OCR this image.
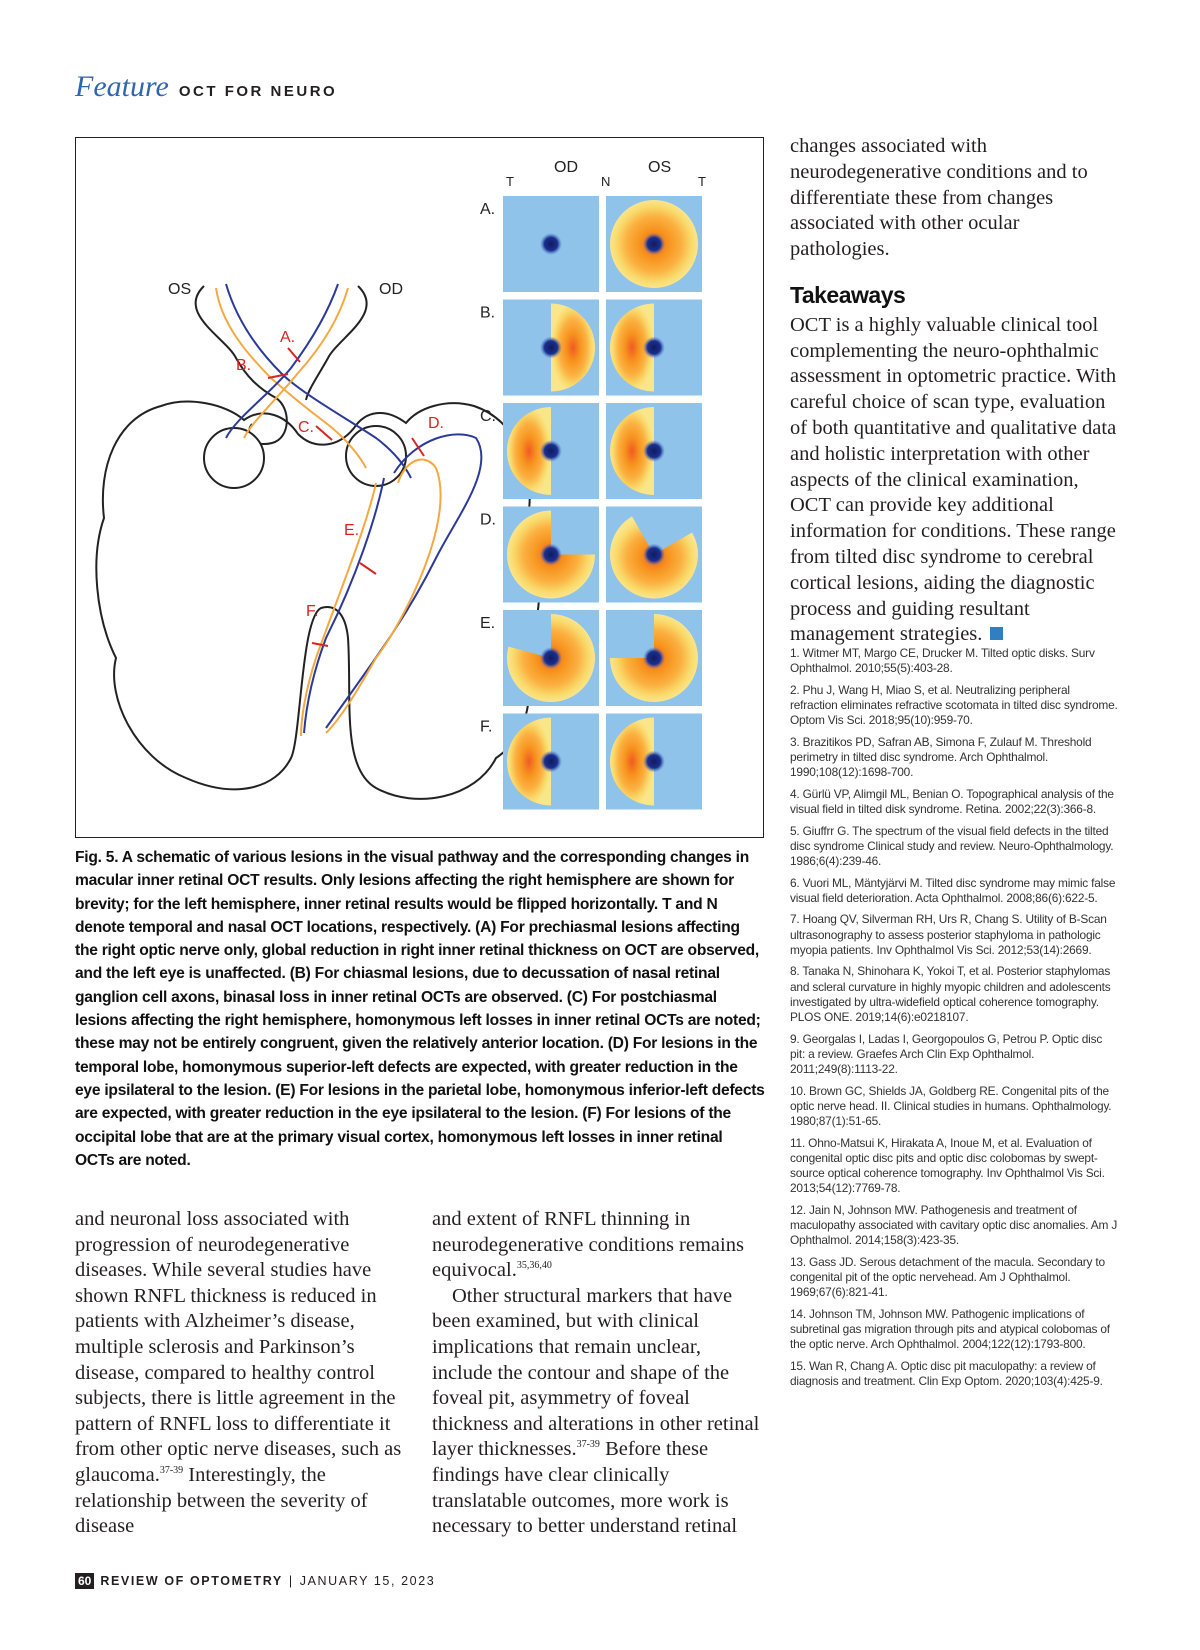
Feature OCT FOR NEURO
OS	OD
A.
B.
C.	D.
E.
F.
OD	OS
T	N	T
A.
B.
C.
D.
E.
F.
Fig. 5. A schematic of various lesions in the visual pathway and the corresponding changes in macular inner retinal OCT results. Only lesions affecting the right hemisphere are shown for brevity; for the left hemisphere, inner retinal results would be flipped horizontally. T and N denote temporal and nasal OCT locations, respectively. (A) For prechiasmal lesions affecting the right optic nerve only, global reduction in right inner retinal thickness on OCT are observed, and the left eye is unaffected. (B) For chiasmal lesions, due to decussation of nasal retinal ganglion cell axons, binasal loss in inner retinal OCTs are observed. (C) For postchiasmal lesions affecting the right hemisphere, homonymous left losses in inner retinal OCTs are noted; these may not be entirely congruent, given the relatively anterior location. (D) For lesions in the temporal lobe, homonymous superior-left defects are expected, with greater reduction in the eye ipsilateral to the lesion. (E) For lesions in the parietal lobe, homonymous inferior-left defects are expected, with greater reduction in the eye ipsilateral to the lesion. (F) For lesions of the occipital lobe that are at the primary visual cortex, homonymous left losses in inner retinal OCTs are noted.

and neuronal loss associated with progression of neurodegenerative diseases. While several studies have shown RNFL thickness is reduced in patients with Alzheimer’s disease, multiple sclerosis and Parkinson’s disease, compared to healthy control subjects, there is little agreement in the pattern of RNFL loss to differentiate it from other optic nerve diseases, such as glaucoma.$^{37-39}$ Interestingly, the relationship between the severity of disease

and extent of RNFL thinning in neurodegenerative conditions remains equivocal.$^{35,36,40}$

Other structural markers that have been examined, but with clinical implications that remain unclear, include the contour and shape of the foveal pit, asymmetry of foveal thickness and alterations in other retinal layer thicknesses.$^{37-39}$ Before these findings have clear clinically translatable outcomes, more work is necessary to better understand retinal

changes associated with neurodegenerative conditions and to differentiate these from changes associated with other ocular pathologies.

Takeaways

OCT is a highly valuable clinical tool complementing the neuro-ophthalmic assessment in optometric practice. With careful choice of scan type, evaluation of both quantitative and qualitative data and holistic interpretation with other aspects of the clinical examination, OCT can provide key additional information for conditions. These range from tilted disc syndrome to cerebral cortical lesions, aiding the diagnostic process and guiding resultant management strategies.

1. Witmer MT, Margo CE, Drucker M. Tilted optic disks. Surv Ophthalmol. 2010;55(5):403-28.
2. Phu J, Wang H, Miao S, et al. Neutralizing peripheral refraction eliminates refractive scotomata in tilted disc syndrome. Optom Vis Sci. 2018;95(10):959-70.
3. Brazitikos PD, Safran AB, Simona F, Zulauf M. Threshold perimetry in tilted disc syndrome. Arch Ophthalmol. 1990;108(12):1698-700.
4. Gürlü VP, Alimgil ML, Benian O. Topographical analysis of the visual field in tilted disk syndrome. Retina. 2002;22(3):366-8.
5. Giuffrr G. The spectrum of the visual field defects in the tilted disc syndrome Clinical study and review. Neuro-Ophthalmology. 1986;6(4):239-46.
6. Vuori ML, Mäntyjärvi M. Tilted disc syndrome may mimic false visual field deterioration. Acta Ophthalmol. 2008;86(6):622-5.
7. Hoang QV, Silverman RH, Urs R, Chang S. Utility of B-Scan ultrasonography to assess posterior staphyloma in pathologic myopia patients. Inv Ophthalmol Vis Sci. 2012;53(14):2669.
8. Tanaka N, Shinohara K, Yokoi T, et al. Posterior staphylomas and scleral curvature in highly myopic children and adolescents investigated by ultra-widefield optical coherence tomography. PLOS ONE. 2019;14(6):e0218107.
9. Georgalas I, Ladas I, Georgopoulos G, Petrou P. Optic disc pit: a review. Graefes Arch Clin Exp Ophthalmol. 2011;249(8):1113-22.
10. Brown GC, Shields JA, Goldberg RE. Congenital pits of the optic nerve head. II. Clinical studies in humans. Ophthalmology. 1980;87(1):51-65.
11. Ohno-Matsui K, Hirakata A, Inoue M, et al. Evaluation of congenital optic disc pits and optic disc colobomas by swept-source optical coherence tomography. Inv Ophthalmol Vis Sci. 2013;54(12):7769-78.
12. Jain N, Johnson MW. Pathogenesis and treatment of maculopathy associated with cavitary optic disc anomalies. Am J Ophthalmol. 2014;158(3):423-35.
13. Gass JD. Serous detachment of the macula. Secondary to congenital pit of the optic nervehead. Am J Ophthalmol. 1969;67(6):821-41.
14. Johnson TM, Johnson MW. Pathogenic implications of subretinal gas migration through pits and atypical colobomas of the optic nerve. Arch Ophthalmol. 2004;122(12):1793-800.
15. Wan R, Chang A. Optic disc pit maculopathy: a review of diagnosis and treatment. Clin Exp Optom. 2020;103(4):425-9.
60 REVIEW OF OPTOMETRY | JANUARY 15, 2023
